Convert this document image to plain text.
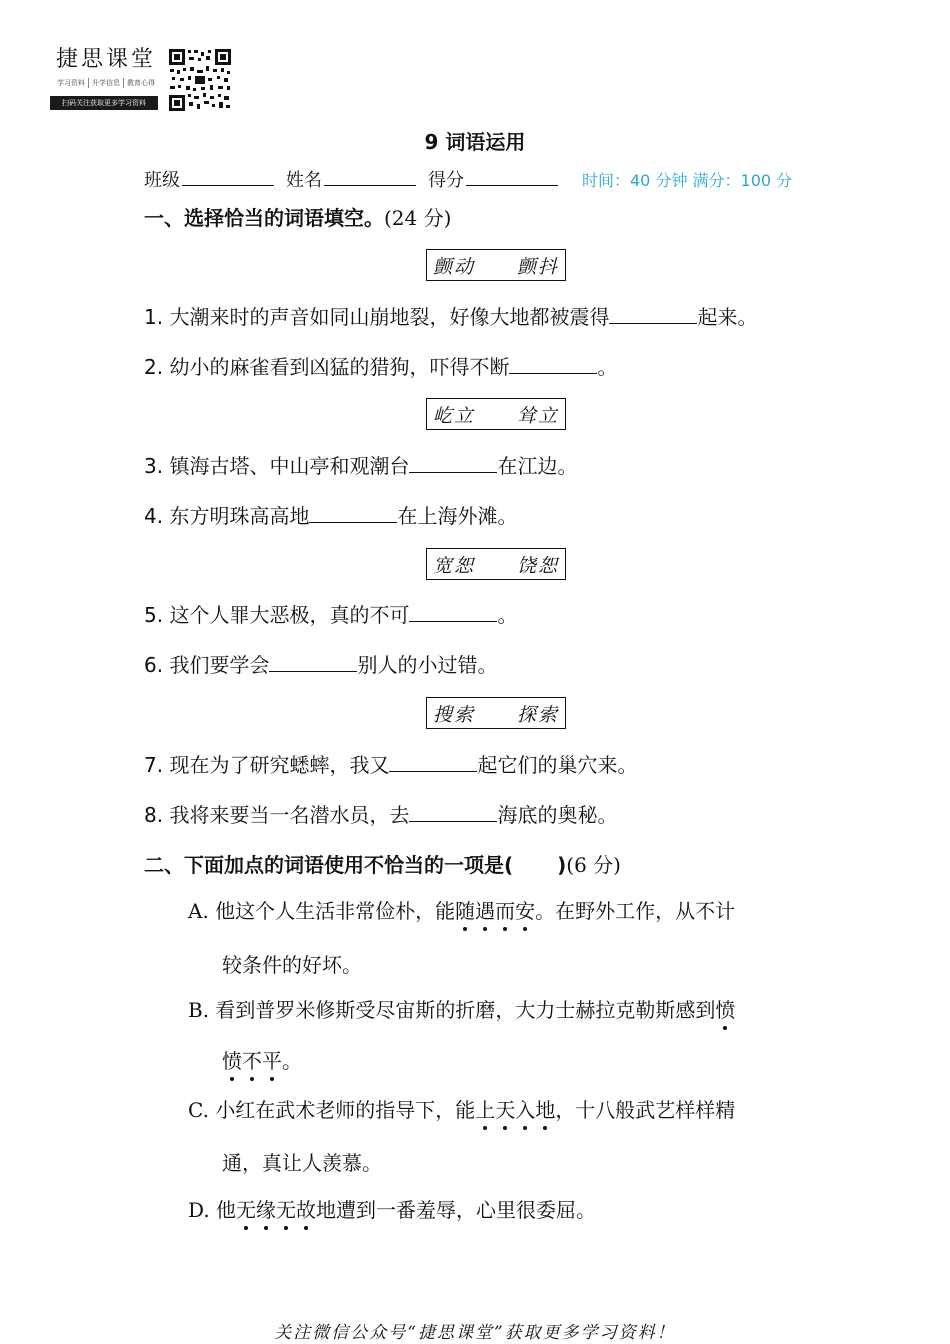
捷思课堂
学习资料	升学信息	教育心得
扫码关注获取更多学习资料
9 词语运用
班级	姓名	得分	时间：40 分钟 满分：100 分
一、选择恰当的词语填空。(24 分)
颤动 颤抖
1. 大潮来时的声音如同山崩地裂，好像大地都被震得	起来。
2. 幼小的麻雀看到凶猛的猎狗，吓得不断	。
屹立 耸立
3. 镇海古塔、中山亭和观潮台	在江边。
4. 东方明珠高高地	在上海外滩。
宽恕 饶恕
5. 这个人罪大恶极，真的不可	。
6. 我们要学会	别人的小过错。
搜索 探索
7. 现在为了研究蟋蟀，我又	起它们的巢穴来。
8. 我将来要当一名潜水员，去	海底的奥秘。
二、下面加点的词语使用不恰当的一项是( )(6 分)
A. 他这个人生活非常俭朴，能随遇而安。在野外工作，从不计
较条件的好坏。
B. 看到普罗米修斯受尽宙斯的折磨，大力士赫拉克勒斯感到愤
愤不平。
C. 小红在武术老师的指导下，能上天入地，十八般武艺样样精
通，真让人羡慕。
D. 他无缘无故地遭到一番羞辱，心里很委屈。
关注微信公众号“捷思课堂”获取更多学习资料！
